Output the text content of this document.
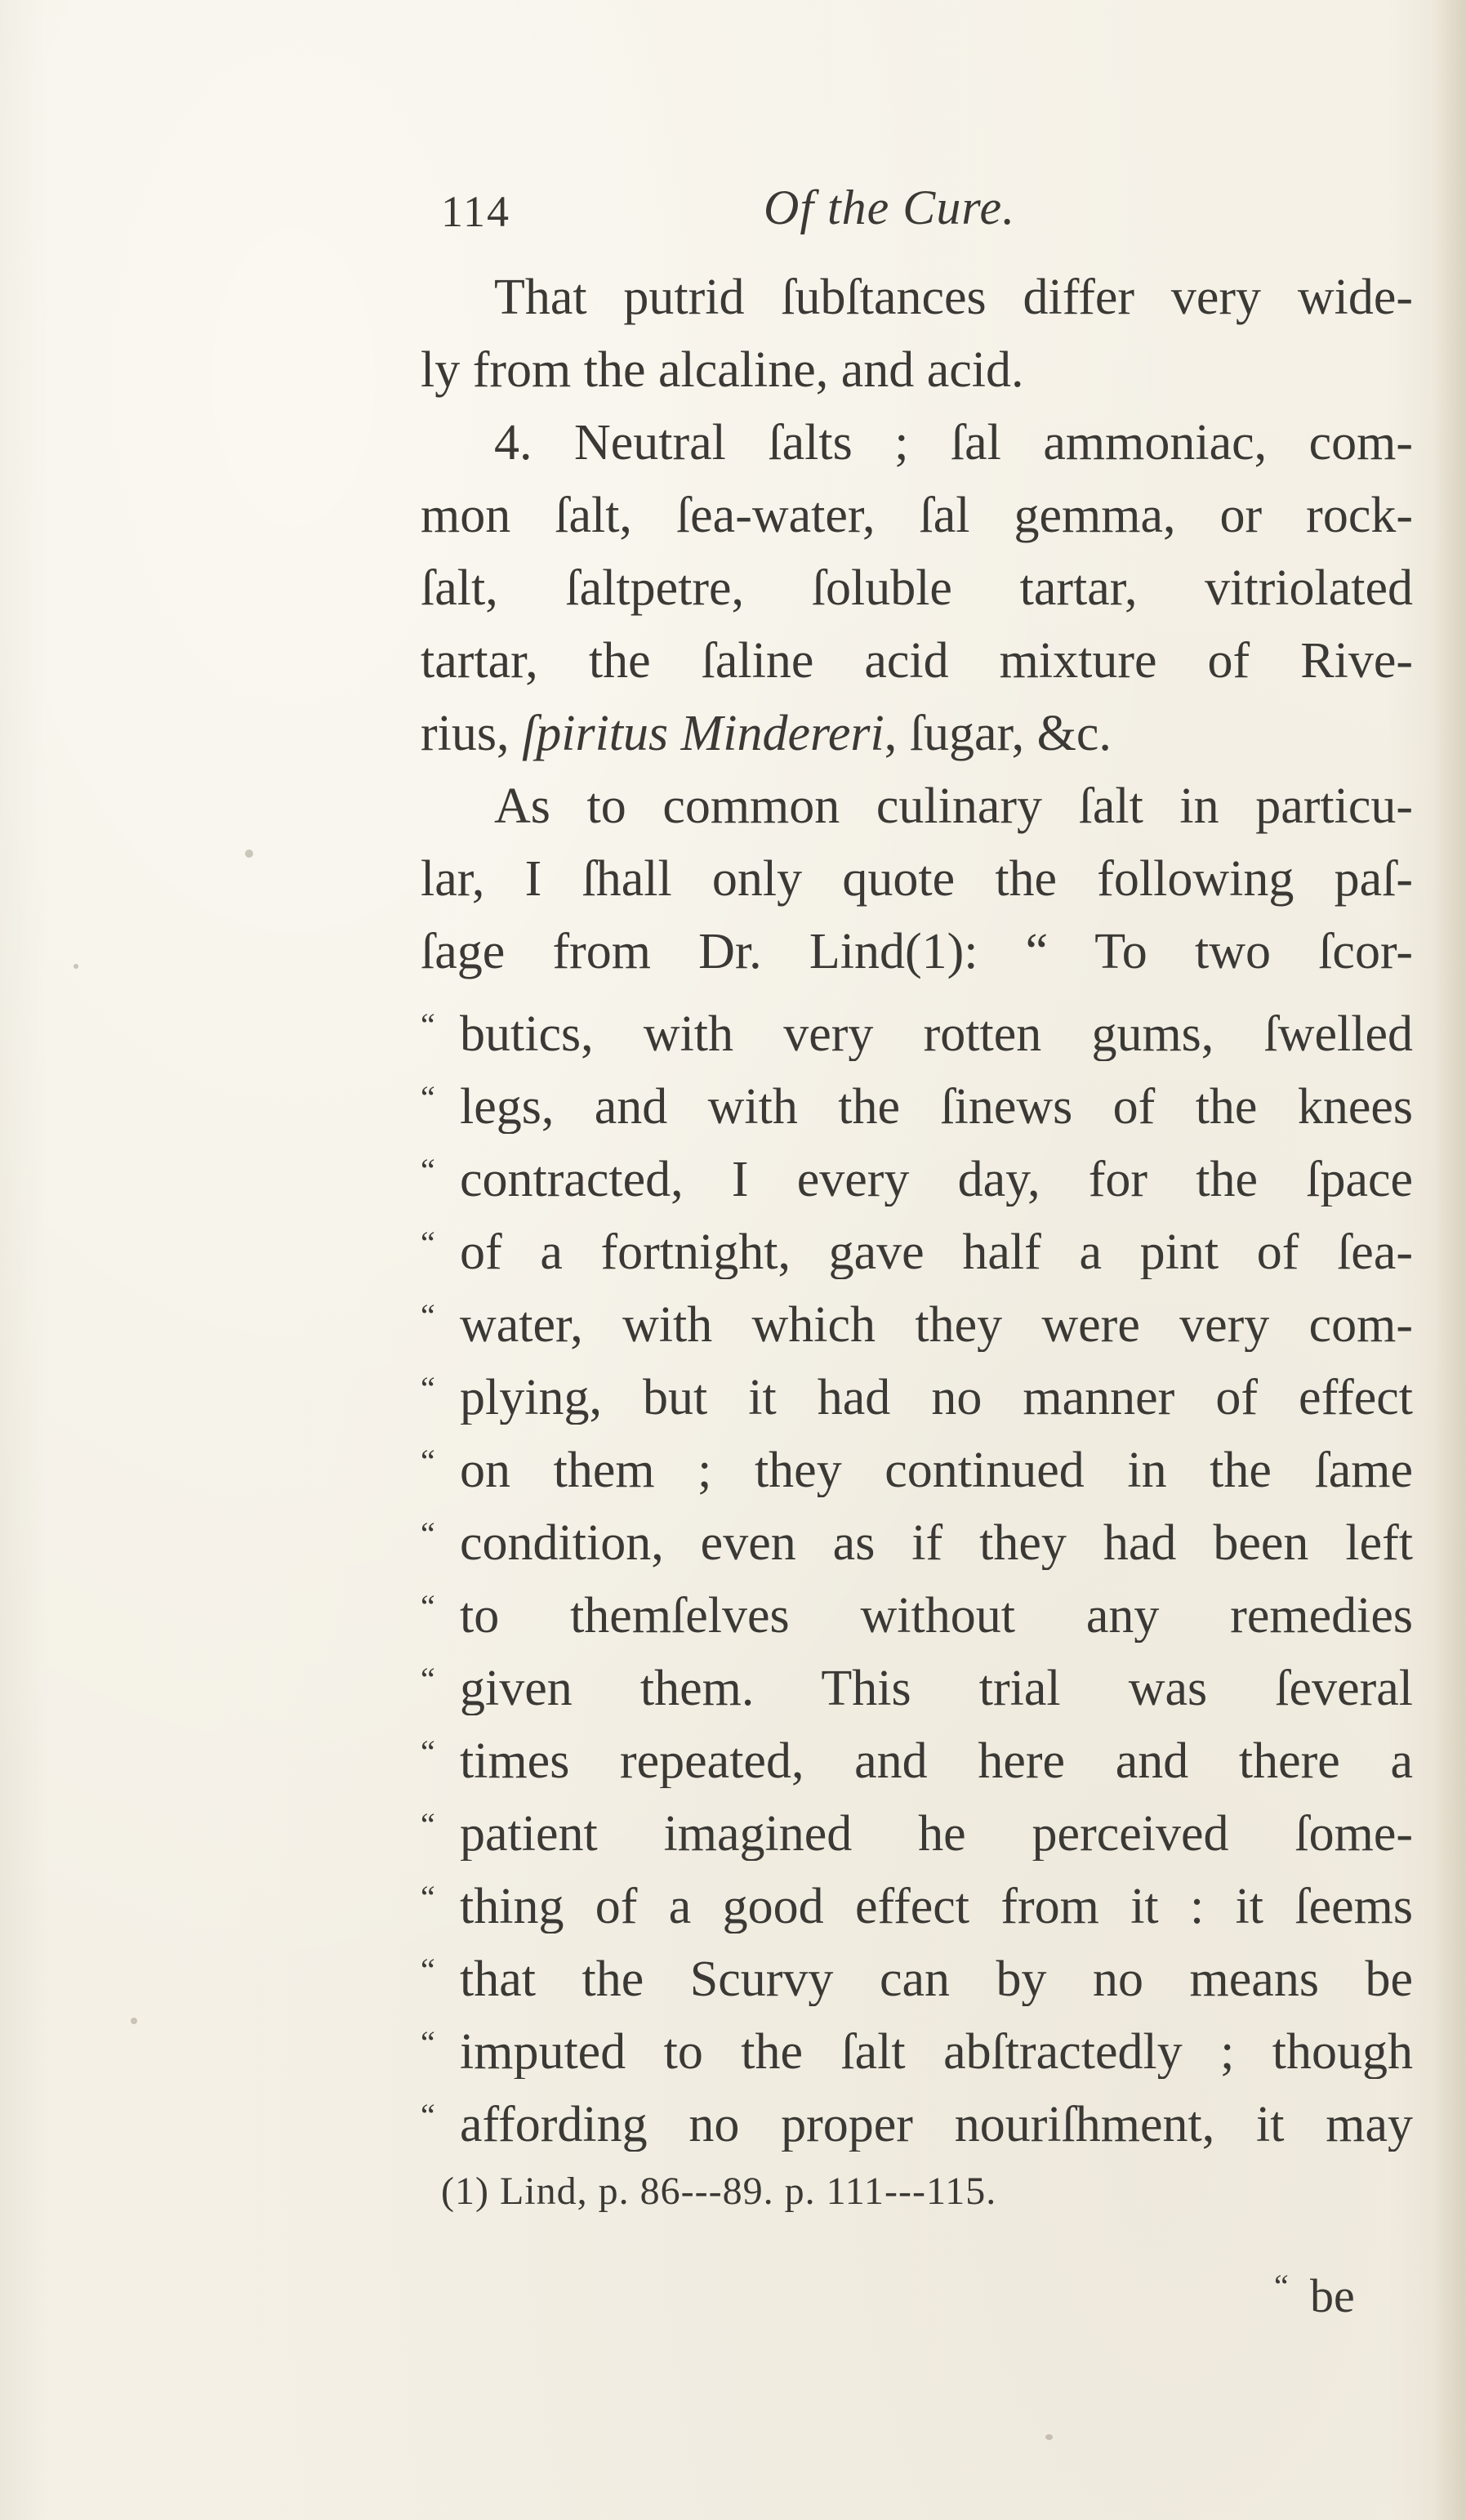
114	Of the Cure.
That putrid ſubſtances differ very wide-
ly from the alcaline, and acid.
4. Neutral ſalts ; ſal ammoniac, com-
mon ſalt, ſea-water, ſal gemma, or rock-
ſalt, ſaltpetre, ſoluble tartar, vitriolated
tartar, the ſaline acid mixture of Rive-
rius, ſpiritus Mindereri, ſugar, &c.
As to common culinary ſalt in particu-
lar, I ſhall only quote the following paſ-
ſage from Dr. Lind(1): “ To two ſcor-
“ butics, with very rotten gums, ſwelled
“ legs, and with the ſinews of the knees
“ contracted, I every day, for the ſpace
“ of a fortnight, gave half a pint of ſea-
“ water, with which they were very com-
“ plying, but it had no manner of effect
“ on them ; they continued in the ſame
“ condition, even as if they had been left
“ to themſelves without any remedies
“ given them. This trial was ſeveral
“ times repeated, and here and there a
“ patient imagined he perceived ſome-
“ thing of a good effect from it : it ſeems
“ that the Scurvy can by no means be
“ imputed to the ſalt abſtractedly ; though
“ affording no proper nouriſhment, it may
(1) Lind, p. 86---89. p. 111---115.
“ be
